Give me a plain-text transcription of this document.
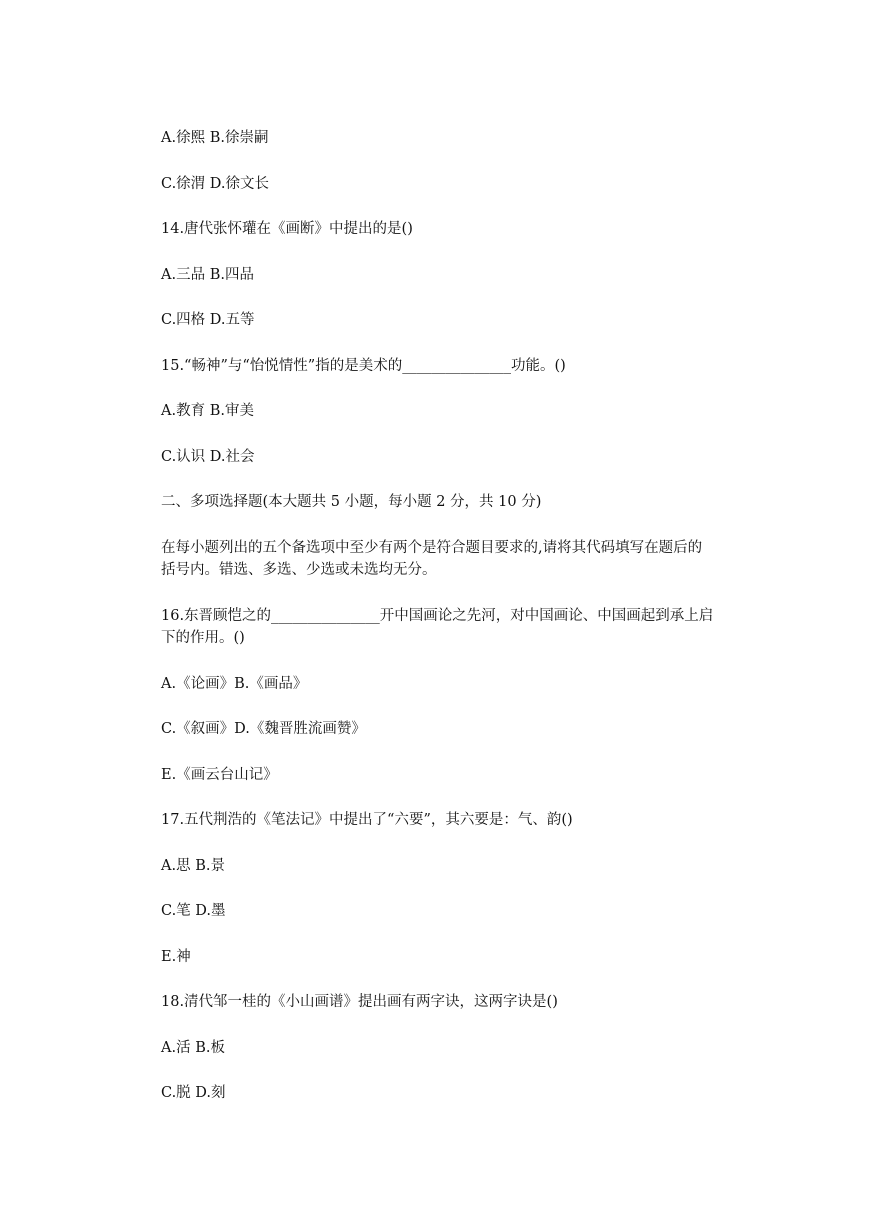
A.徐熙 B.徐崇嗣
C.徐渭 D.徐文长
14.唐代张怀瓘在《画断》中提出的是()
A.三品 B.四品
C.四格 D.五等
15.“畅神”与“怡悦情性”指的是美术的_______________功能。()
A.教育 B.审美
C.认识 D.社会
二、多项选择题(本大题共 5 小题，每小题 2 分，共 10 分)
在每小题列出的五个备选项中至少有两个是符合题目要求的,请将其代码填写在题后的
括号内。错选、多选、少选或未选均无分。
16.东晋顾恺之的_______________开中国画论之先河，对中国画论、中国画起到承上启
下的作用。()
A.《论画》B.《画品》
C.《叙画》D.《魏晋胜流画赞》
E.《画云台山记》
17.五代荆浩的《笔法记》中提出了“六要”，其六要是：气、韵()
A.思 B.景
C.笔 D.墨
E.神
18.清代邹一桂的《小山画谱》提出画有两字诀，这两字诀是()
A.活 B.板
C.脱 D.刻
